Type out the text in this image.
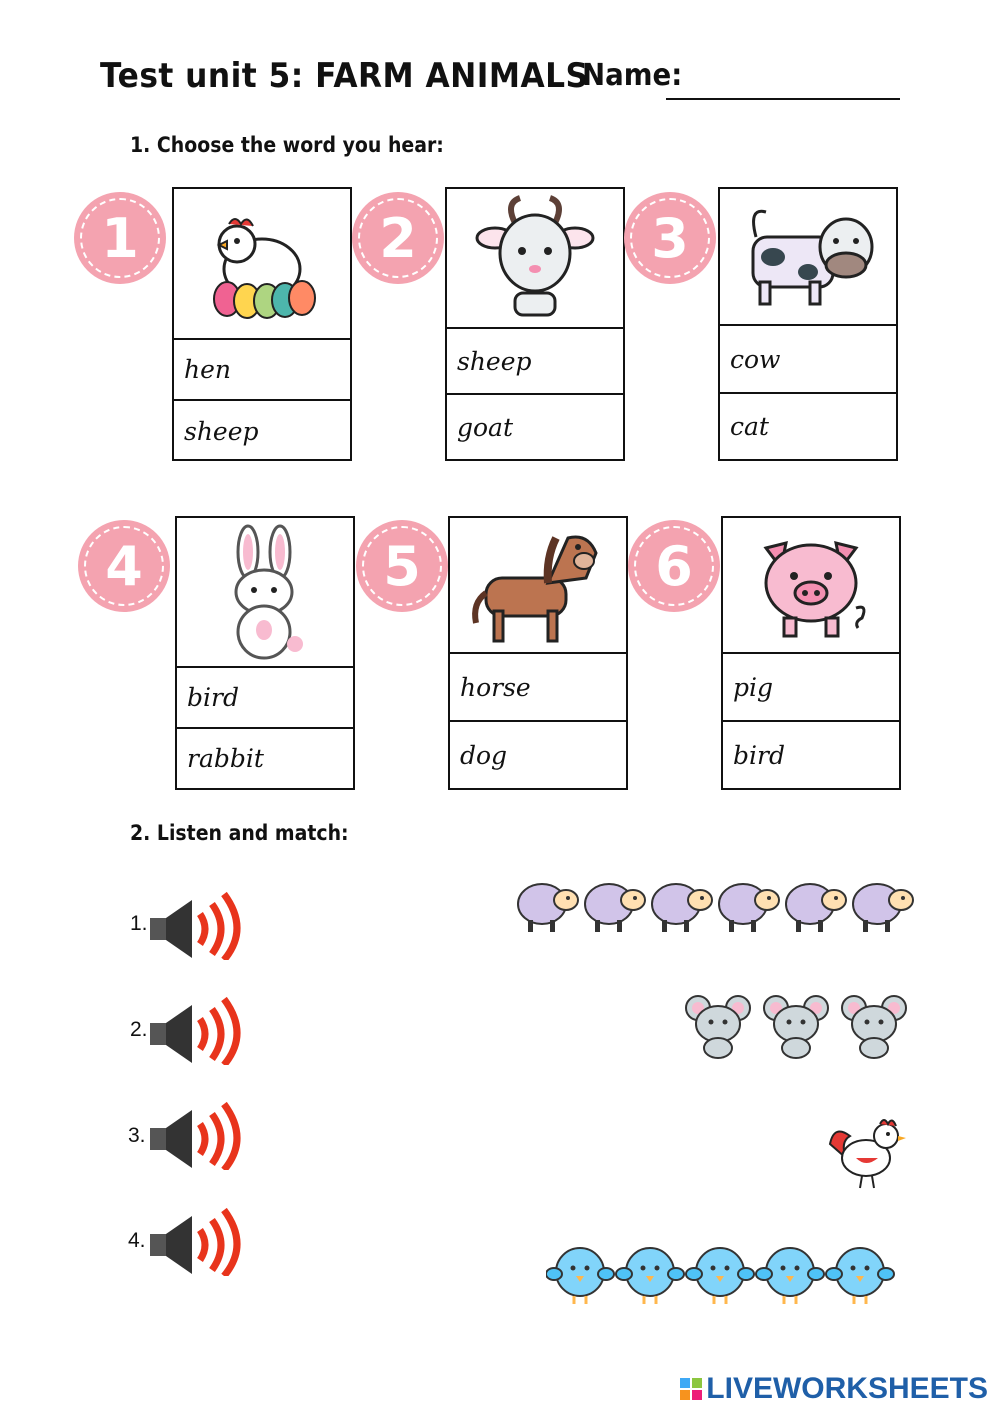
Test unit 5: FARM ANIMALS
Name:
1. Choose the word you hear:
1
hen
sheep
2
sheep
goat
3
cow
cat
4
bird
rabbit
5
horse
dog
6
pig
bird
2. Listen and match:
1.
2.
3.
4.
LIVEWORKSHEETS
